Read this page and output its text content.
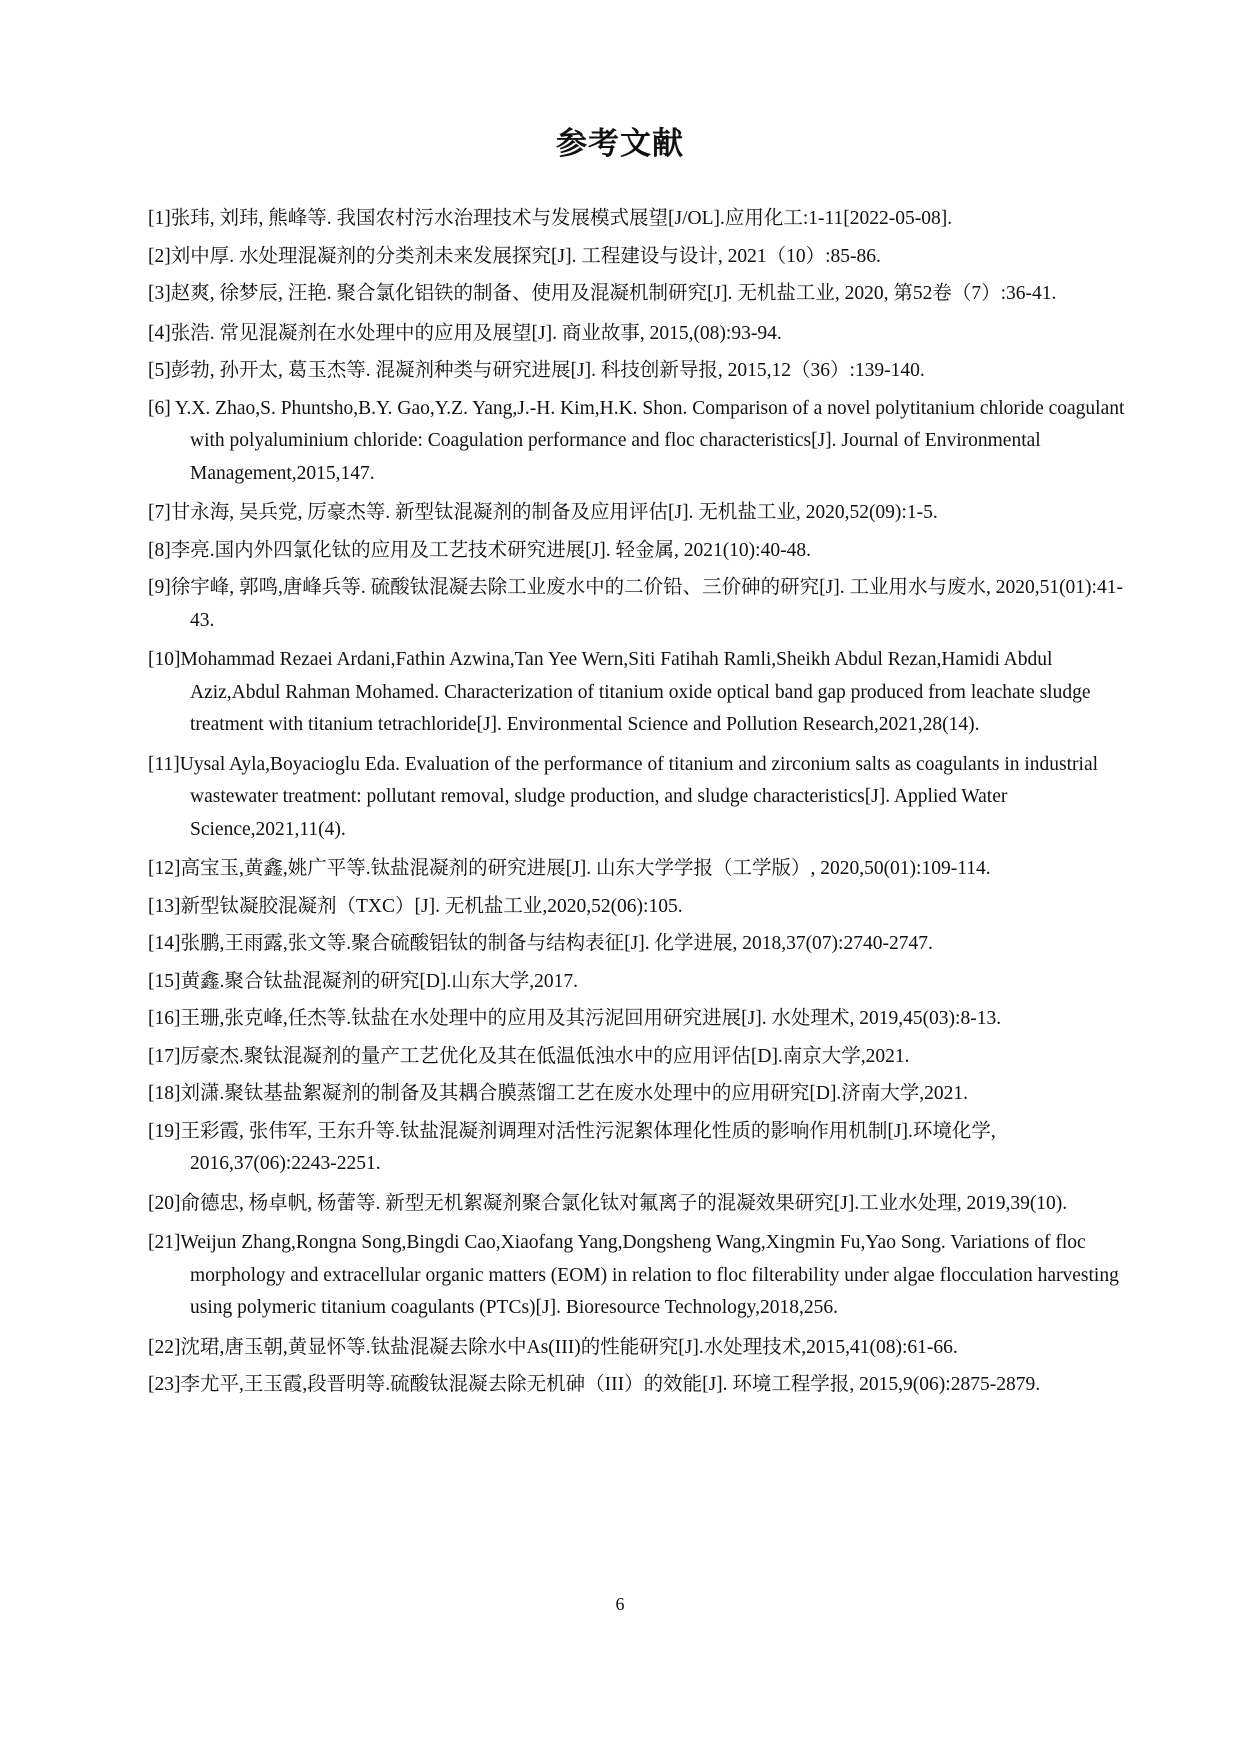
参考文献

[1]张玮, 刘玮, 熊峰等. 我国农村污水治理技术与发展模式展望[J/OL].应用化工:1-11[2022-05-08].

[2]刘中厚. 水处理混凝剂的分类剂未来发展探究[J]. 工程建设与设计, 2021（10）:85-86.

[3]赵爽, 徐梦辰, 汪艳. 聚合氯化铝铁的制备、使用及混凝机制研究[J]. 无机盐工业, 2020, 第52卷（7）:36-41.

[4]张浩. 常见混凝剂在水处理中的应用及展望[J]. 商业故事, 2015,(08):93-94.

[5]彭勃, 孙开太, 葛玉杰等. 混凝剂种类与研究进展[J]. 科技创新导报, 2015,12（36）:139-140.

[6] Y.X. Zhao,S. Phuntsho,B.Y. Gao,Y.Z. Yang,J.-H. Kim,H.K. Shon. Comparison of a novel polytitanium chloride coagulant with polyaluminium chloride: Coagulation performance and floc characteristics[J]. Journal of Environmental Management,2015,147.

[7]甘永海, 吴兵党, 厉豪杰等. 新型钛混凝剂的制备及应用评估[J]. 无机盐工业, 2020,52(09):1-5.

[8]李亮.国内外四氯化钛的应用及工艺技术研究进展[J]. 轻金属, 2021(10):40-48.

[9]徐宇峰, 郭鸣,唐峰兵等. 硫酸钛混凝去除工业废水中的二价铅、三价砷的研究[J]. 工业用水与废水, 2020,51(01):41-43.

[10]Mohammad Rezaei Ardani,Fathin Azwina,Tan Yee Wern,Siti Fatihah Ramli,Sheikh Abdul Rezan,Hamidi Abdul Aziz,Abdul Rahman Mohamed. Characterization of titanium oxide optical band gap produced from leachate sludge treatment with titanium tetrachloride[J]. Environmental Science and Pollution Research,2021,28(14).

[11]Uysal Ayla,Boyacioglu Eda. Evaluation of the performance of titanium and zirconium salts as coagulants in industrial wastewater treatment: pollutant removal, sludge production, and sludge characteristics[J]. Applied Water Science,2021,11(4).

[12]高宝玉,黄鑫,姚广平等.钛盐混凝剂的研究进展[J]. 山东大学学报（工学版）, 2020,50(01):109-114.

[13]新型钛凝胶混凝剂（TXC）[J]. 无机盐工业,2020,52(06):105.

[14]张鹏,王雨露,张文等.聚合硫酸铝钛的制备与结构表征[J]. 化学进展, 2018,37(07):2740-2747.

[15]黄鑫.聚合钛盐混凝剂的研究[D].山东大学,2017.

[16]王珊,张克峰,任杰等.钛盐在水处理中的应用及其污泥回用研究进展[J]. 水处理术, 2019,45(03):8-13.

[17]厉豪杰.聚钛混凝剂的量产工艺优化及其在低温低浊水中的应用评估[D].南京大学,2021.

[18]刘潇.聚钛基盐絮凝剂的制备及其耦合膜蒸馏工艺在废水处理中的应用研究[D].济南大学,2021.

[19]王彩霞, 张伟军, 王东升等.钛盐混凝剂调理对活性污泥絮体理化性质的影响作用机制[J].环境化学, 2016,37(06):2243-2251.

[20]俞德忠, 杨卓帆, 杨蕾等. 新型无机絮凝剂聚合氯化钛对氟离子的混凝效果研究[J].工业水处理, 2019,39(10).

[21]Weijun Zhang,Rongna Song,Bingdi Cao,Xiaofang Yang,Dongsheng Wang,Xingmin Fu,Yao Song. Variations of floc morphology and extracellular organic matters (EOM) in relation to floc filterability under algae flocculation harvesting using polymeric titanium coagulants (PTCs)[J]. Bioresource Technology,2018,256.

[22]沈珺,唐玉朝,黄显怀等.钛盐混凝去除水中As(III)的性能研究[J].水处理技术,2015,41(08):61-66.

[23]李尤平,王玉霞,段晋明等.硫酸钛混凝去除无机砷（III）的效能[J]. 环境工程学报, 2015,9(06):2875-2879.

6
